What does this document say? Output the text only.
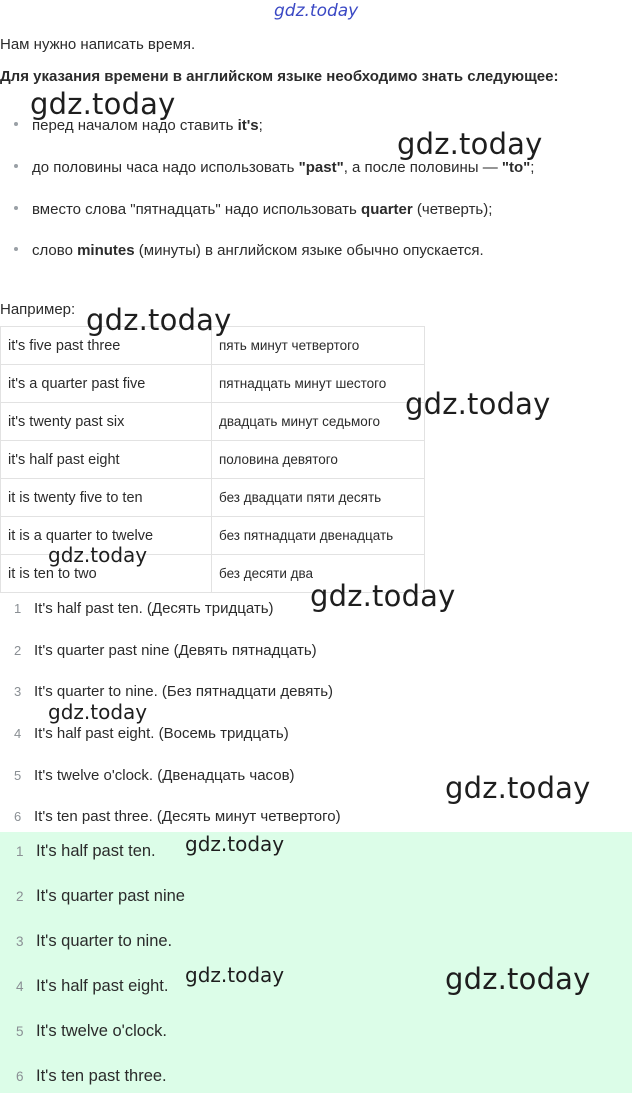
gdz.today
Нам нужно написать время.
Для указания времени в английском языке необходимо знать следующее:
перед началом надо ставить it's;
до половины часа надо использовать "past", а после половины — "to";
вместо слова "пятнадцать" надо использовать quarter (четверть);
слово minutes (минуты) в английском языке обычно опускается.
Например:
it's five past three	пять минут четвертого
it's a quarter past five	пятнадцать минут шестого
it's twenty past six	двадцать минут седьмого
it's half past eight	половина девятого
it is twenty five to ten	без двадцати пяти десять
it is a quarter to twelve	без пятнадцати двенадцать
it is ten to two	без десяти два
1 It's half past ten. (Десять тридцать)
2 It's quarter past nine (Девять пятнадцать)
3 It's quarter to nine. (Без пятнадцати девять)
4 It's half past eight. (Восемь тридцать)
5 It's twelve o'clock. (Двенадцать часов)
6 It's ten past three. (Десять минут четвертого)
1 It's half past ten.
2 It's quarter past nine
3 It's quarter to nine.
4 It's half past eight.
5 It's twelve o'clock.
6 It's ten past three.
gdz.today
gdz.today
gdz.today
gdz.today
gdz.today
gdz.today
gdz.today
gdz.today
gdz.today
gdz.today	gdz.today
